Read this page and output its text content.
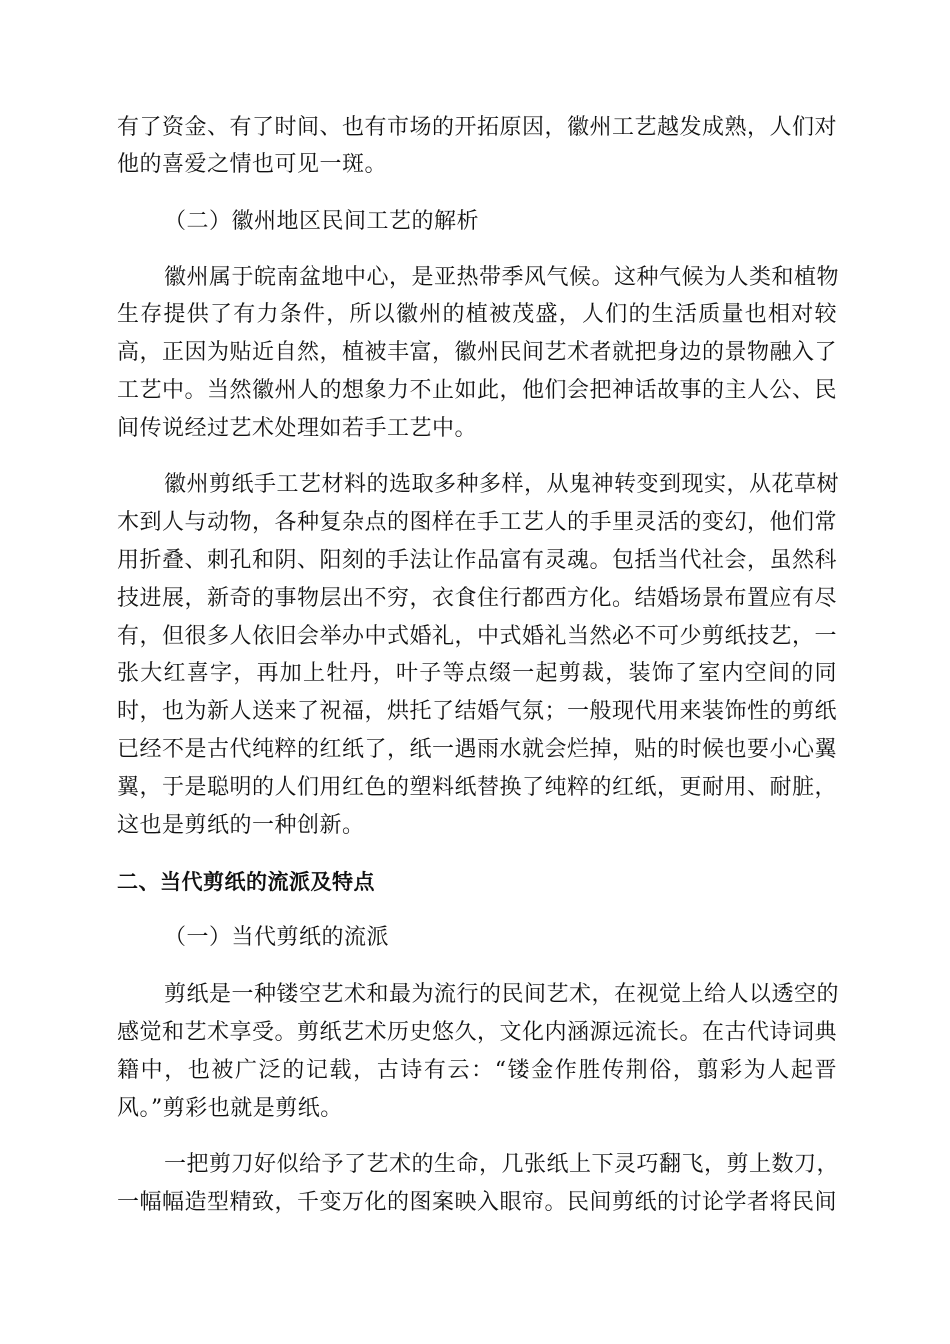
有了资金、有了时间、也有市场的开拓原因，徽州工艺越发成熟，人们对
他的喜爱之情也可见一斑。
（二）徽州地区民间工艺的解析
徽州属于皖南盆地中心，是亚热带季风气候。这种气候为人类和植物
生存提供了有力条件，所以徽州的植被茂盛，人们的生活质量也相对较
高，正因为贴近自然，植被丰富，徽州民间艺术者就把身边的景物融入了
工艺中。当然徽州人的想象力不止如此，他们会把神话故事的主人公、民
间传说经过艺术处理如若手工艺中。
徽州剪纸手工艺材料的选取多种多样，从鬼神转变到现实，从花草树
木到人与动物，各种复杂点的图样在手工艺人的手里灵活的变幻，他们常
用折叠、刺孔和阴、阳刻的手法让作品富有灵魂。包括当代社会，虽然科
技进展，新奇的事物层出不穷，衣食住行都西方化。结婚场景布置应有尽
有，但很多人依旧会举办中式婚礼，中式婚礼当然必不可少剪纸技艺，一
张大红喜字，再加上牡丹，叶子等点缀一起剪裁，装饰了室内空间的同
时，也为新人送来了祝福，烘托了结婚气氛；一般现代用来装饰性的剪纸
已经不是古代纯粹的红纸了，纸一遇雨水就会烂掉，贴的时候也要小心翼
翼，于是聪明的人们用红色的塑料纸替换了纯粹的红纸，更耐用、耐脏，
这也是剪纸的一种创新。
二、当代剪纸的流派及特点
（一）当代剪纸的流派
剪纸是一种镂空艺术和最为流行的民间艺术，在视觉上给人以透空的
感觉和艺术享受。剪纸艺术历史悠久，文化内涵源远流长。在古代诗词典
籍中，也被广泛的记载，古诗有云：“镂金作胜传荆俗，翦彩为人起晋
风。”剪彩也就是剪纸。
一把剪刀好似给予了艺术的生命，几张纸上下灵巧翻飞，剪上数刀，
一幅幅造型精致，千变万化的图案映入眼帘。民间剪纸的讨论学者将民间
